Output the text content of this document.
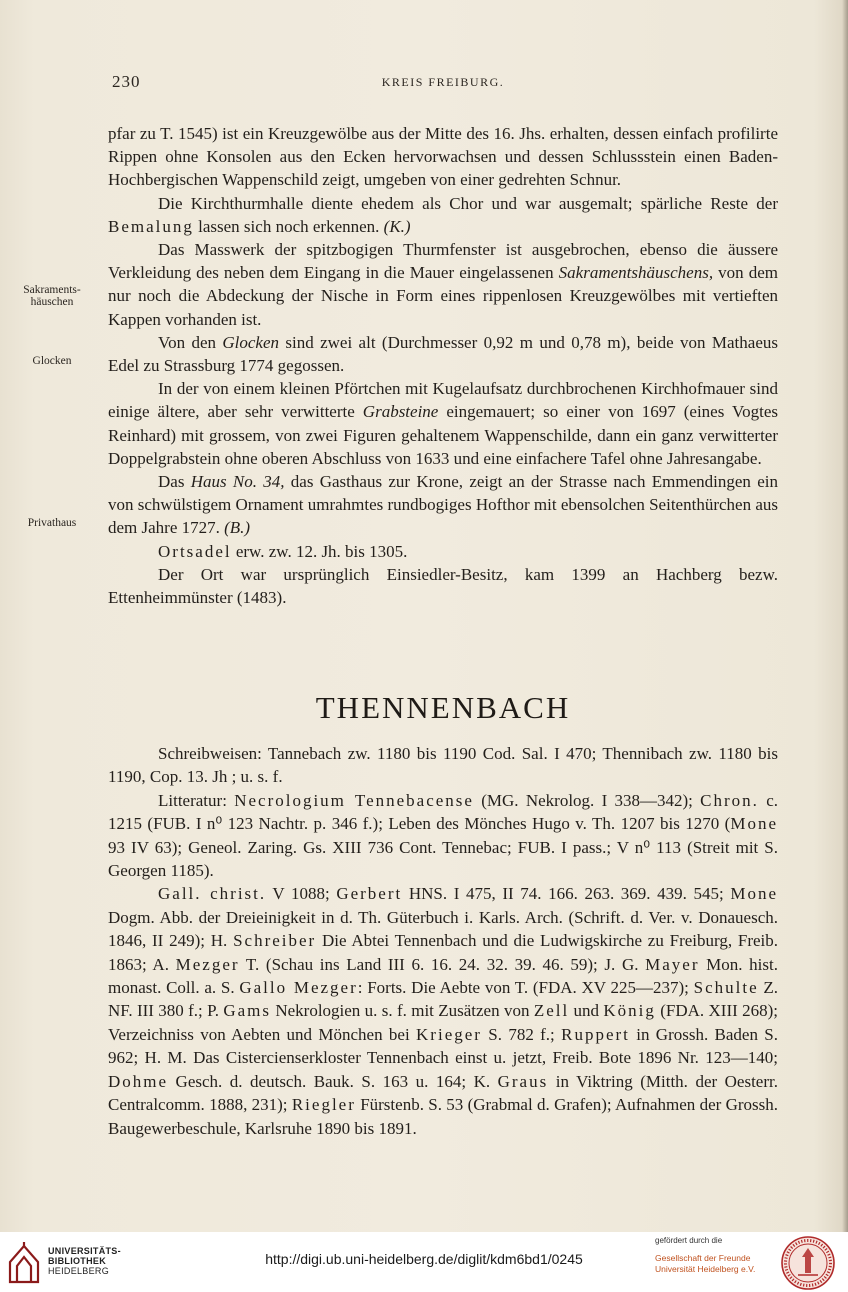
230	KREIS FREIBURG.
Sakraments-
häuschen
Glocken
Privathaus

pfar zu T. 1545) ist ein Kreuzgewölbe aus der Mitte des 16. Jhs. erhalten, dessen einfach profilirte Rippen ohne Konsolen aus den Ecken hervorwachsen und dessen Schlussstein einen Baden-Hochbergischen Wappenschild zeigt, umgeben von einer gedrehten Schnur.

Die Kirchthurmhalle diente ehedem als Chor und war ausgemalt; spärliche Reste der Bemalung lassen sich noch erkennen. (K.)

Das Masswerk der spitzbogigen Thurmfenster ist ausgebrochen, ebenso die äussere Verkleidung des neben dem Eingang in die Mauer eingelassenen Sakramentshäuschens, von dem nur noch die Abdeckung der Nische in Form eines rippenlosen Kreuzgewölbes mit vertieften Kappen vorhanden ist.

Von den Glocken sind zwei alt (Durchmesser 0,92 m und 0,78 m), beide von Mathaeus Edel zu Strassburg 1774 gegossen.

In der von einem kleinen Pförtchen mit Kugelaufsatz durchbrochenen Kirchhofmauer sind einige ältere, aber sehr verwitterte Grabsteine eingemauert; so einer von 1697 (eines Vogtes Reinhard) mit grossem, von zwei Figuren gehaltenem Wappenschilde, dann ein ganz verwitterter Doppelgrabstein ohne oberen Abschluss von 1633 und eine einfachere Tafel ohne Jahresangabe.

Das Haus No. 34, das Gasthaus zur Krone, zeigt an der Strasse nach Emmendingen ein von schwülstigem Ornament umrahmtes rundbogiges Hofthor mit ebensolchen Seitenthürchen aus dem Jahre 1727. (B.)

Ortsadel erw. zw. 12. Jh. bis 1305.

Der Ort war ursprünglich Einsiedler-Besitz, kam 1399 an Hachberg bezw. Ettenheimmünster (1483).

THENNENBACH

Schreibweisen: Tannebach zw. 1180 bis 1190 Cod. Sal. I 470; Thennibach zw. 1180 bis 1190, Cop. 13. Jh ; u. s. f.

Litteratur: Necrologium Tennebacense (MG. Nekrolog. I 338—342); Chron. c. 1215 (FUB. I n⁰ 123 Nachtr. p. 346 f.); Leben des Mönches Hugo v. Th. 1207 bis 1270 (Mone 93 IV 63); Geneol. Zaring. Gs. XIII 736 Cont. Tennebac; FUB. I pass.; V n⁰ 113 (Streit mit S. Georgen 1185).

Gall. christ. V 1088; Gerbert HNS. I 475, II 74. 166. 263. 369. 439. 545; Mone Dogm. Abb. der Dreieinigkeit in d. Th. Güterbuch i. Karls. Arch. (Schrift. d. Ver. v. Donauesch. 1846, II 249); H. Schreiber Die Abtei Tennenbach und die Ludwigskirche zu Freiburg, Freib. 1863; A. Mezger T. (Schau ins Land III 6. 16. 24. 32. 39. 46. 59); J. G. Mayer Mon. hist. monast. Coll. a. S. Gallo Mezger: Forts. Die Aebte von T. (FDA. XV 225—237); Schulte Z. NF. III 380 f.; P. Gams Nekrologien u. s. f. mit Zusätzen von Zell und König (FDA. XIII 268); Verzeichniss von Aebten und Mönchen bei Krieger S. 782 f.; Ruppert in Grossh. Baden S. 962; H. M. Das Cistercienserkloster Tennenbach einst u. jetzt, Freib. Bote 1896 Nr. 123—140; Dohme Gesch. d. deutsch. Bauk. S. 163 u. 164; K. Graus in Viktring (Mitth. der Oesterr. Centralcomm. 1888, 231); Riegler Fürstenb. S. 53 (Grabmal d. Grafen); Aufnahmen der Grossh. Baugewerbeschule, Karlsruhe 1890 bis 1891.

UNIVERSITÄTS-
BIBLIOTHEK
HEIDELBERG
http://digi.ub.uni-heidelberg.de/diglit/kdm6bd1/0245
gefördert durch die
Gesellschaft der Freunde
Universität Heidelberg e.V.
